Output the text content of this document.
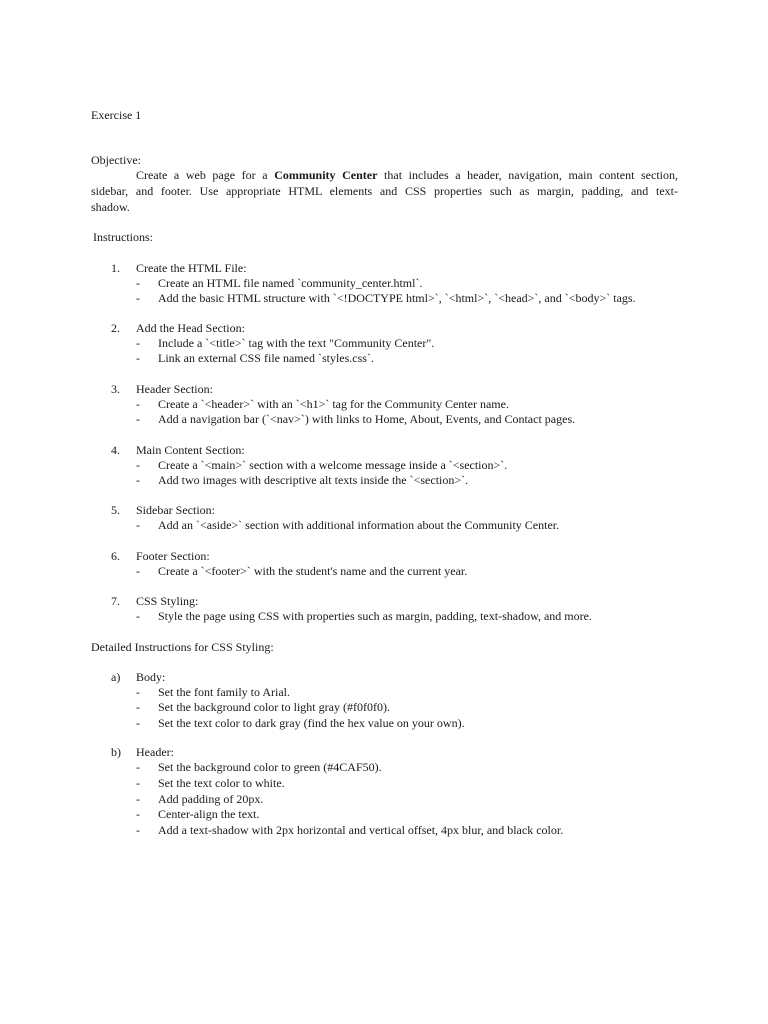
Exercise 1
Objective:
Create a web page for a Community Center that includes a header, navigation, main content section,
sidebar, and footer. Use appropriate HTML elements and CSS properties such as margin, padding, and text-
shadow.
Instructions:
1.	Create the HTML File:
- Create an HTML file named `community_center.html`.
- Add the basic HTML structure with `<!DOCTYPE html>`, `<html>`, `<head>`, and `<body>` tags.
2.	Add the Head Section:
- Include a `<title>` tag with the text "Community Center".
- Link an external CSS file named `styles.css`.
3.	Header Section:
- Create a `<header>` with an `<h1>` tag for the Community Center name.
- Add a navigation bar (`<nav>`) with links to Home, About, Events, and Contact pages.
4.	Main Content Section:
- Create a `<main>` section with a welcome message inside a `<section>`.
- Add two images with descriptive alt texts inside the `<section>`.
5.	Sidebar Section:
- Add an `<aside>` section with additional information about the Community Center.
6.	Footer Section:
- Create a `<footer>` with the student's name and the current year.
7.	CSS Styling:
- Style the page using CSS with properties such as margin, padding, text-shadow, and more.
Detailed Instructions for CSS Styling:
a)	Body:
- Set the font family to Arial.
- Set the background color to light gray (#f0f0f0).
- Set the text color to dark gray (find the hex value on your own).
b)	Header:
- Set the background color to green (#4CAF50).
- Set the text color to white.
- Add padding of 20px.
- Center-align the text.
- Add a text-shadow with 2px horizontal and vertical offset, 4px blur, and black color.
